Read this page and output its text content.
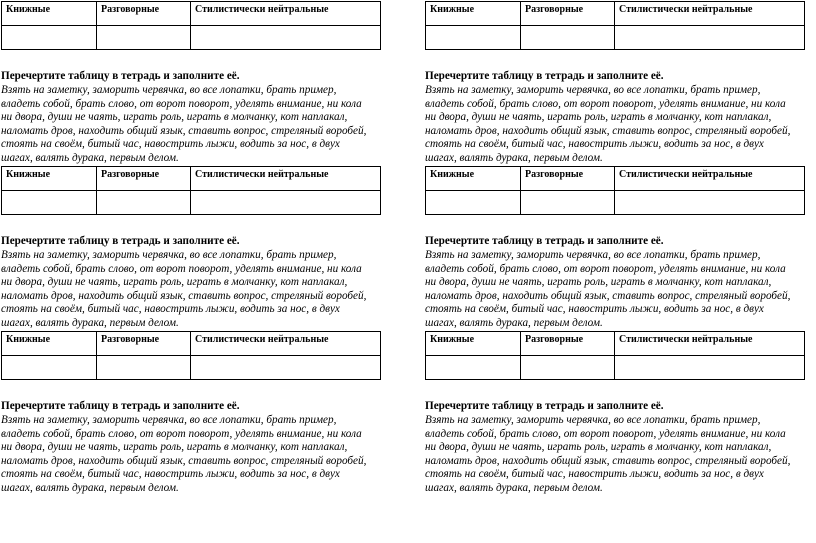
Книжные	Разговорные	Стилистически нейтральные

Перечертите таблицу в тетрадь и заполните её.
Взять на заметку, заморить червячка, во все лопатки, брать пример,
владеть собой, брать слово, от ворот поворот, уделять внимание, ни кола
ни двора, души не чаять, играть роль, играть в молчанку, кот наплакал,
наломать дров, находить общий язык, ставить вопрос, стреляный воробей,
стоять на своём, битый час, навострить лыжи, водить за нос, в двух
шагах, валять дурака, первым делом.
Книжные	Разговорные	Стилистически нейтральные

Перечертите таблицу в тетрадь и заполните её.
Взять на заметку, заморить червячка, во все лопатки, брать пример,
владеть собой, брать слово, от ворот поворот, уделять внимание, ни кола
ни двора, души не чаять, играть роль, играть в молчанку, кот наплакал,
наломать дров, находить общий язык, ставить вопрос, стреляный воробей,
стоять на своём, битый час, навострить лыжи, водить за нос, в двух
шагах, валять дурака, первым делом.
Книжные	Разговорные	Стилистически нейтральные

Перечертите таблицу в тетрадь и заполните её.
Взять на заметку, заморить червячка, во все лопатки, брать пример,
владеть собой, брать слово, от ворот поворот, уделять внимание, ни кола
ни двора, души не чаять, играть роль, играть в молчанку, кот наплакал,
наломать дров, находить общий язык, ставить вопрос, стреляный воробей,
стоять на своём, битый час, навострить лыжи, водить за нос, в двух
шагах, валять дурака, первым делом.
Книжные	Разговорные	Стилистически нейтральные

Перечертите таблицу в тетрадь и заполните её.
Взять на заметку, заморить червячка, во все лопатки, брать пример,
владеть собой, брать слово, от ворот поворот, уделять внимание, ни кола
ни двора, души не чаять, играть роль, играть в молчанку, кот наплакал,
наломать дров, находить общий язык, ставить вопрос, стреляный воробей,
стоять на своём, битый час, навострить лыжи, водить за нос, в двух
шагах, валять дурака, первым делом.
Книжные	Разговорные	Стилистически нейтральные

Перечертите таблицу в тетрадь и заполните её.
Взять на заметку, заморить червячка, во все лопатки, брать пример,
владеть собой, брать слово, от ворот поворот, уделять внимание, ни кола
ни двора, души не чаять, играть роль, играть в молчанку, кот наплакал,
наломать дров, находить общий язык, ставить вопрос, стреляный воробей,
стоять на своём, битый час, навострить лыжи, водить за нос, в двух
шагах, валять дурака, первым делом.
Книжные	Разговорные	Стилистически нейтральные

Перечертите таблицу в тетрадь и заполните её.
Взять на заметку, заморить червячка, во все лопатки, брать пример,
владеть собой, брать слово, от ворот поворот, уделять внимание, ни кола
ни двора, души не чаять, играть роль, играть в молчанку, кот наплакал,
наломать дров, находить общий язык, ставить вопрос, стреляный воробей,
стоять на своём, битый час, навострить лыжи, водить за нос, в двух
шагах, валять дурака, первым делом.
